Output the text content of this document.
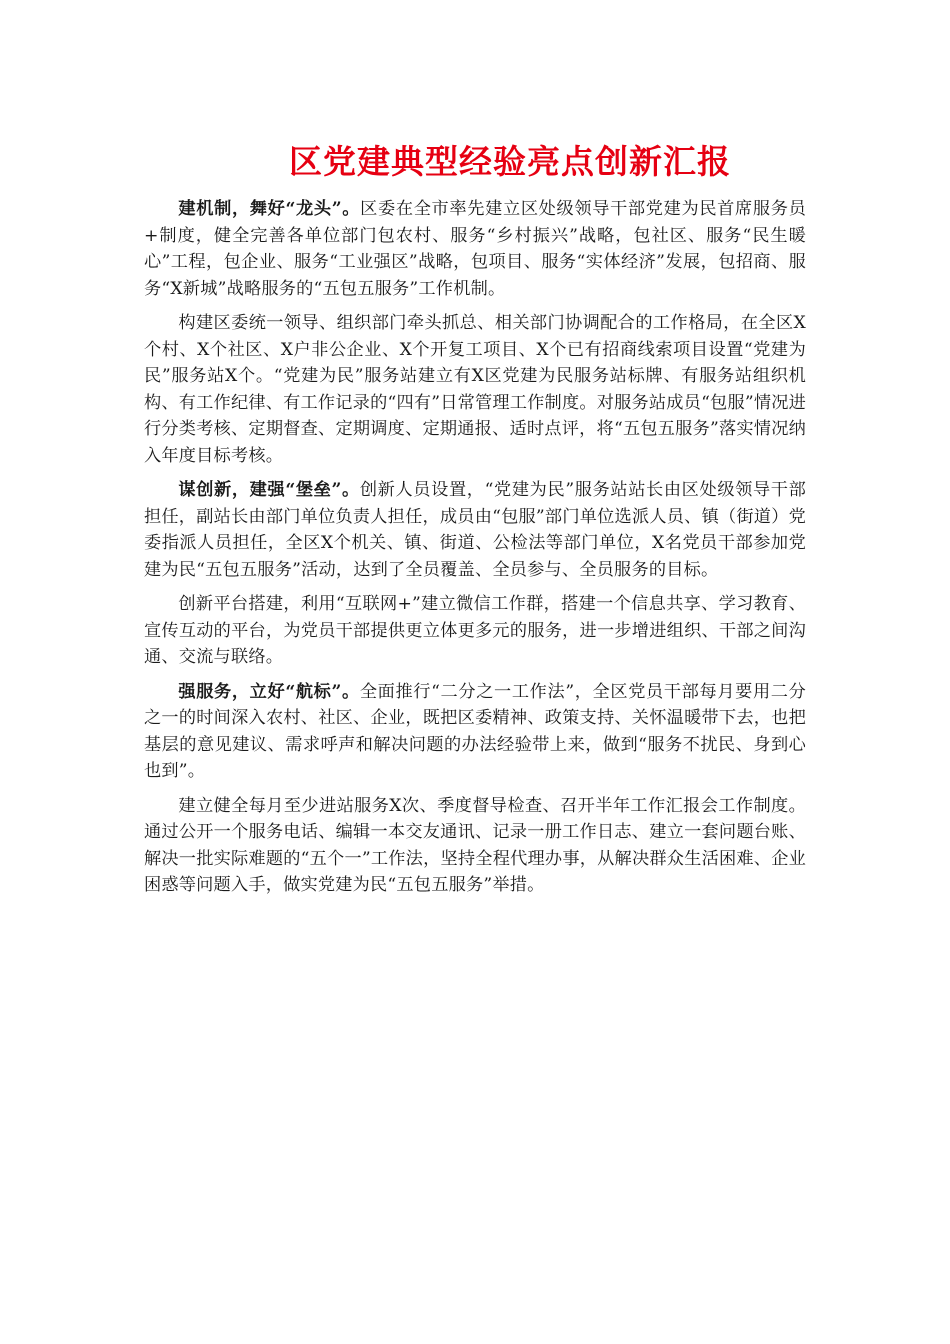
区党建典型经验亮点创新汇报

建机制，舞好“龙头”。区委在全市率先建立区处级领导干部党建为民首席服务员+制度，健全完善各单位部门包农村、服务“乡村振兴”战略，包社区、服务“民生暖心”工程，包企业、服务“工业强区”战略，包项目、服务“实体经济”发展，包招商、服务“X新城”战略服务的“五包五服务”工作机制。

构建区委统一领导、组织部门牵头抓总、相关部门协调配合的工作格局，在全区X个村、X个社区、X户非公企业、X个开复工项目、X个已有招商线索项目设置“党建为民”服务站X个。“党建为民”服务站建立有X区党建为民服务站标牌、有服务站组织机构、有工作纪律、有工作记录的“四有”日常管理工作制度。对服务站成员“包服”情况进行分类考核、定期督查、定期调度、定期通报、适时点评，将“五包五服务”落实情况纳入年度目标考核。

谋创新，建强“堡垒”。创新人员设置，“党建为民”服务站站长由区处级领导干部担任，副站长由部门单位负责人担任，成员由“包服”部门单位选派人员、镇（街道）党委指派人员担任，全区X个机关、镇、街道、公检法等部门单位，X名党员干部参加党建为民“五包五服务”活动，达到了全员覆盖、全员参与、全员服务的目标。

创新平台搭建，利用“互联网+”建立微信工作群，搭建一个信息共享、学习教育、宣传互动的平台，为党员干部提供更立体更多元的服务，进一步增进组织、干部之间沟通、交流与联络。

强服务，立好“航标”。全面推行“二分之一工作法”，全区党员干部每月要用二分之一的时间深入农村、社区、企业，既把区委精神、政策支持、关怀温暖带下去，也把基层的意见建议、需求呼声和解决问题的办法经验带上来，做到“服务不扰民、身到心也到”。

建立健全每月至少进站服务X次、季度督导检查、召开半年工作汇报会工作制度。通过公开一个服务电话、编辑一本交友通讯、记录一册工作日志、建立一套问题台账、解决一批实际难题的“五个一”工作法，坚持全程代理办事，从解决群众生活困难、企业困惑等问题入手，做实党建为民“五包五服务”举措。
